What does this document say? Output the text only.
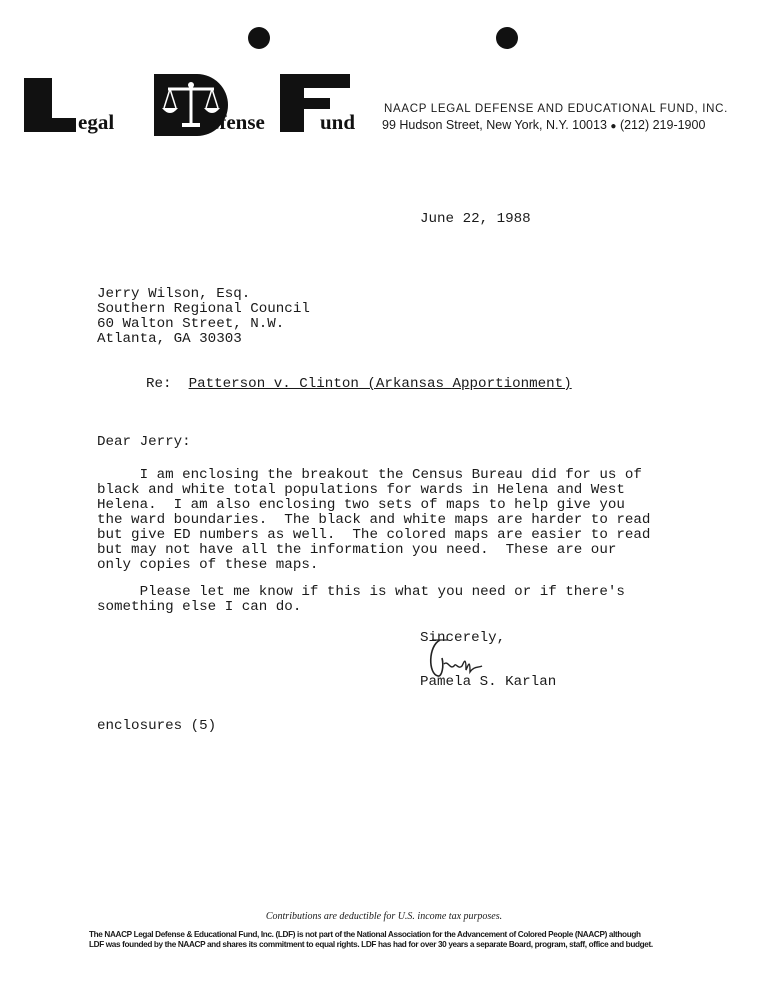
egal	efense	und
NAACP LEGAL DEFENSE AND EDUCATIONAL FUND, INC.
99 Hudson Street, New York, N.Y. 10013 ● (212) 219-1900
June 22, 1988
Jerry Wilson, Esq.
Southern Regional Council
60 Walton Street, N.W.
Atlanta, GA 30303
Re: Patterson v. Clinton (Arkansas Apportionment)
Dear Jerry:
I am enclosing the breakout the Census Bureau did for us of
black and white total populations for wards in Helena and West
Helena.  I am also enclosing two sets of maps to help give you
the ward boundaries.  The black and white maps are harder to read
but give ED numbers as well.  The colored maps are easier to read
but may not have all the information you need.  These are our
only copies of these maps.
Please let me know if this is what you need or if there's
something else I can do.
Sincerely,
Pamela S. Karlan
enclosures (5)
Contributions are deductible for U.S. income tax purposes.
The NAACP Legal Defense & Educational Fund, Inc. (LDF) is not part of the National Association for the Advancement of Colored People (NAACP) although
LDF was founded by the NAACP and shares its commitment to equal rights. LDF has had for over 30 years a separate Board, program, staff, office and budget.
